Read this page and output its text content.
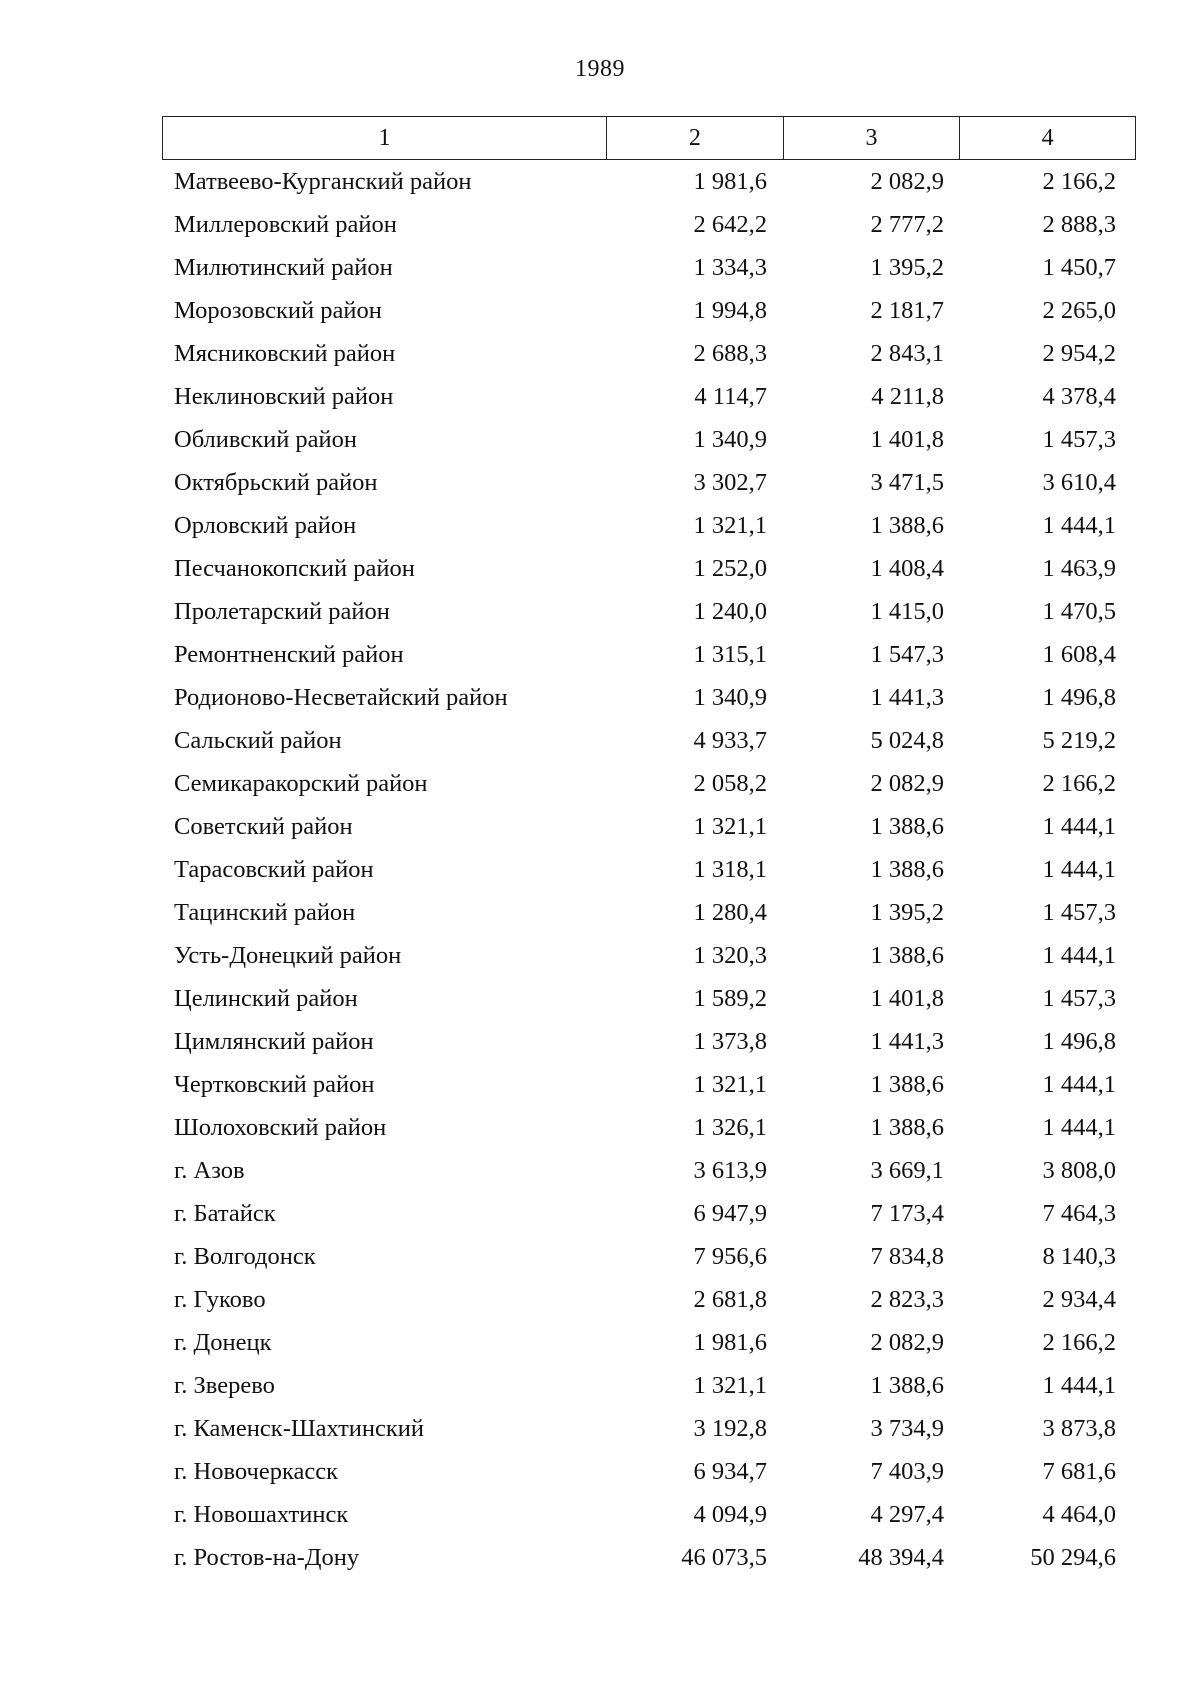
1989
1	2	3	4
Матвеево-Курганский район	1 981,6	2 082,9	2 166,2
Миллеровский район	2 642,2	2 777,2	2 888,3
Милютинский район	1 334,3	1 395,2	1 450,7
Морозовский район	1 994,8	2 181,7	2 265,0
Мясниковский район	2 688,3	2 843,1	2 954,2
Неклиновский район	4 114,7	4 211,8	4 378,4
Обливский район	1 340,9	1 401,8	1 457,3
Октябрьский район	3 302,7	3 471,5	3 610,4
Орловский район	1 321,1	1 388,6	1 444,1
Песчанокопский район	1 252,0	1 408,4	1 463,9
Пролетарский район	1 240,0	1 415,0	1 470,5
Ремонтненский район	1 315,1	1 547,3	1 608,4
Родионово-Несветайский район	1 340,9	1 441,3	1 496,8
Сальский район	4 933,7	5 024,8	5 219,2
Семикаракорский район	2 058,2	2 082,9	2 166,2
Советский район	1 321,1	1 388,6	1 444,1
Тарасовский район	1 318,1	1 388,6	1 444,1
Тацинский район	1 280,4	1 395,2	1 457,3
Усть-Донецкий район	1 320,3	1 388,6	1 444,1
Целинский район	1 589,2	1 401,8	1 457,3
Цимлянский район	1 373,8	1 441,3	1 496,8
Чертковский район	1 321,1	1 388,6	1 444,1
Шолоховский район	1 326,1	1 388,6	1 444,1
г. Азов	3 613,9	3 669,1	3 808,0
г. Батайск	6 947,9	7 173,4	7 464,3
г. Волгодонск	7 956,6	7 834,8	8 140,3
г. Гуково	2 681,8	2 823,3	2 934,4
г. Донецк	1 981,6	2 082,9	2 166,2
г. Зверево	1 321,1	1 388,6	1 444,1
г. Каменск-Шахтинский	3 192,8	3 734,9	3 873,8
г. Новочеркасск	6 934,7	7 403,9	7 681,6
г. Новошахтинск	4 094,9	4 297,4	4 464,0
г. Ростов-на-Дону	46 073,5	48 394,4	50 294,6
